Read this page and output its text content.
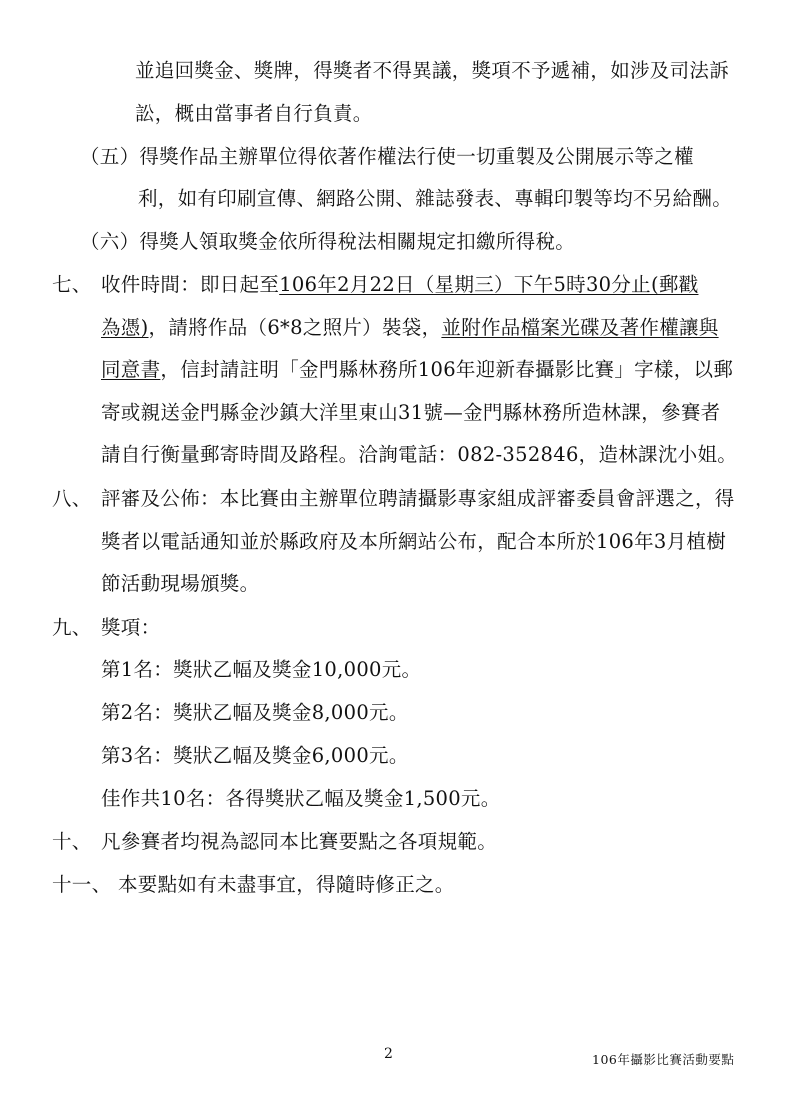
並追回獎金、獎牌，得獎者不得異議，獎項不予遞補，如涉及司法訴
訟，概由當事者自行負責。
（五）得獎作品主辦單位得依著作權法行使一切重製及公開展示等之權
利，如有印刷宣傳、網路公開、雜誌發表、專輯印製等均不另給酬。
（六）得獎人領取獎金依所得稅法相關規定扣繳所得稅。
七、 收件時間：即日起至106年2月22日（星期三）下午5時30分止(郵戳
為憑)，請將作品（6*8之照片）裝袋，並附作品檔案光碟及著作權讓與
同意書，信封請註明「金門縣林務所106年迎新春攝影比賽」字樣，以郵
寄或親送金門縣金沙鎮大洋里東山31號—金門縣林務所造林課，參賽者
請自行衡量郵寄時間及路程。洽詢電話：082-352846，造林課沈小姐。
八、 評審及公佈：本比賽由主辦單位聘請攝影專家組成評審委員會評選之，得
獎者以電話通知並於縣政府及本所網站公布，配合本所於106年3月植樹
節活動現場頒獎。
九、 獎項：
第1名：獎狀乙幅及獎金10,000元。
第2名：獎狀乙幅及獎金8,000元。
第3名：獎狀乙幅及獎金6,000元。
佳作共10名：各得獎狀乙幅及獎金1,500元。
十、 凡參賽者均視為認同本比賽要點之各項規範。
十一、 本要點如有未盡事宜，得隨時修正之。
2	106年攝影比賽活動要點
